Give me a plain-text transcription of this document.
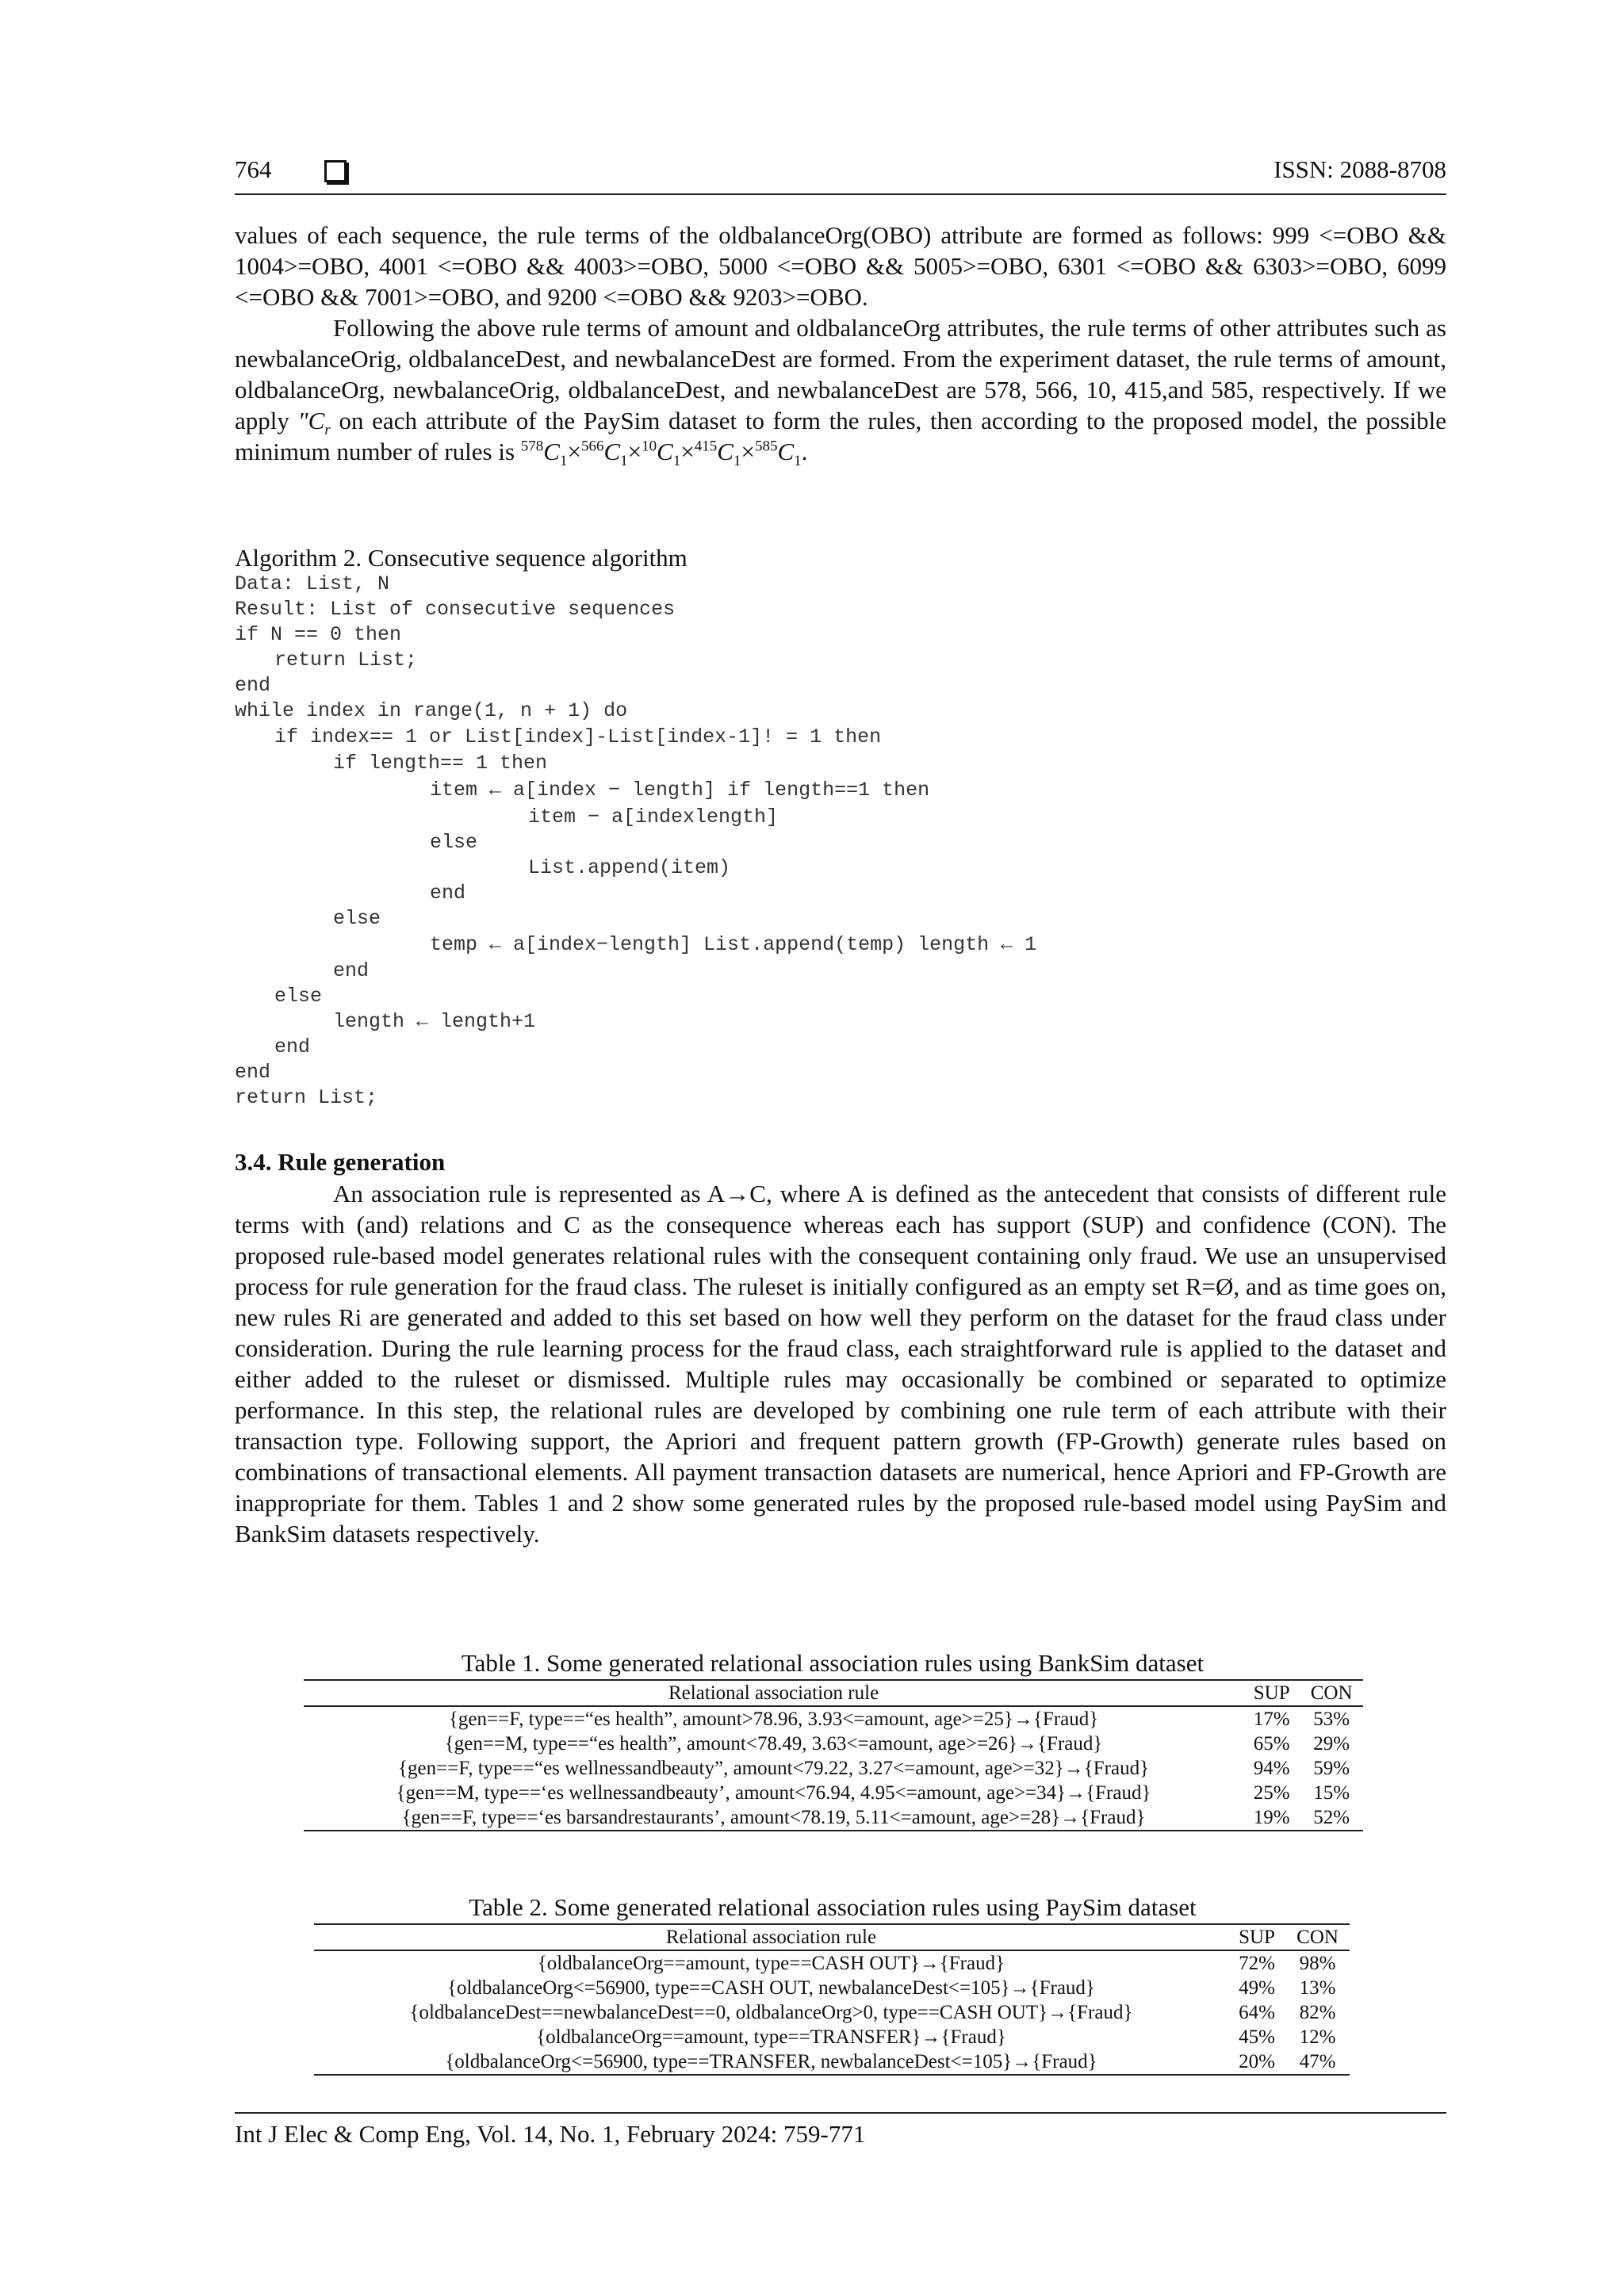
764	ISSN: 2088-8708

values of each sequence, the rule terms of the oldbalanceOrg(OBO) attribute are formed as follows: 999 <=OBO && 1004>=OBO, 4001 <=OBO && 4003>=OBO, 5000 <=OBO && 5005>=OBO, 6301 <=OBO && 6303>=OBO, 6099 <=OBO && 7001>=OBO, and 9200 <=OBO && 9203>=OBO.

Following the above rule terms of amount and oldbalanceOrg attributes, the rule terms of other attributes such as newbalanceOrig, oldbalanceDest, and newbalanceDest are formed. From the experiment dataset, the rule terms of amount, oldbalanceOrg, newbalanceOrig, oldbalanceDest, and newbalanceDest are 578, 566, 10, 415,and 585, respectively. If we apply "$C_r$ on each attribute of the PaySim dataset to form the rules, then according to the proposed model, the possible minimum number of rules is $^{578}C_1\times^{566}C_1\times^{10}C_1\times^{415}C_1\times^{585}C_1$.

Algorithm 2. Consecutive sequence algorithm
Data: List, N
Result: List of consecutive sequences
if N == 0 then
return List;
end
while index in range(1, n + 1) do
if index== 1 or List[index]-List[index-1]! = 1 then
if length== 1 then
item ← a[index − length] if length==1 then
item − a[indexlength]
else
List.append(item)
end
else
temp ← a[index−length] List.append(temp) length ← 1
end
else
length ← length+1
end
end
return List;
3.4. Rule generation

An association rule is represented as A→C, where A is defined as the antecedent that consists of different rule terms with (and) relations and C as the consequence whereas each has support (SUP) and confidence (CON). The proposed rule-based model generates relational rules with the consequent containing only fraud. We use an unsupervised process for rule generation for the fraud class. The ruleset is initially configured as an empty set R=Ø, and as time goes on, new rules Ri are generated and added to this set based on how well they perform on the dataset for the fraud class under consideration. During the rule learning process for the fraud class, each straightforward rule is applied to the dataset and either added to the ruleset or dismissed. Multiple rules may occasionally be combined or separated to optimize performance. In this step, the relational rules are developed by combining one rule term of each attribute with their transaction type. Following support, the Apriori and frequent pattern growth (FP-Growth) generate rules based on combinations of transactional elements. All payment transaction datasets are numerical, hence Apriori and FP-Growth are inappropriate for them. Tables 1 and 2 show some generated rules by the proposed rule-based model using PaySim and BankSim datasets respectively.

Table 1. Some generated relational association rules using BankSim dataset
Relational association rule	SUP	CON
{gen==F, type==“es health”, amount>78.96, 3.93<=amount, age>=25}→{Fraud}	17%	53%
{gen==M, type==“es health”, amount<78.49, 3.63<=amount, age>=26}→{Fraud}	65%	29%
{gen==F, type==“es wellnessandbeauty”, amount<79.22, 3.27<=amount, age>=32}→{Fraud}	94%	59%
{gen==M, type==‘es wellnessandbeauty’, amount<76.94, 4.95<=amount, age>=34}→{Fraud}	25%	15%
{gen==F, type==‘es barsandrestaurants’, amount<78.19, 5.11<=amount, age>=28}→{Fraud}	19%	52%
Table 2. Some generated relational association rules using PaySim dataset
Relational association rule	SUP	CON
{oldbalanceOrg==amount, type==CASH OUT}→{Fraud}	72%	98%
{oldbalanceOrg<=56900, type==CASH OUT, newbalanceDest<=105}→{Fraud}	49%	13%
{oldbalanceDest==newbalanceDest==0, oldbalanceOrg>0, type==CASH OUT}→{Fraud}	64%	82%
{oldbalanceOrg==amount, type==TRANSFER}→{Fraud}	45%	12%
{oldbalanceOrg<=56900, type==TRANSFER, newbalanceDest<=105}→{Fraud}	20%	47%
Int J Elec & Comp Eng, Vol. 14, No. 1, February 2024: 759-771
